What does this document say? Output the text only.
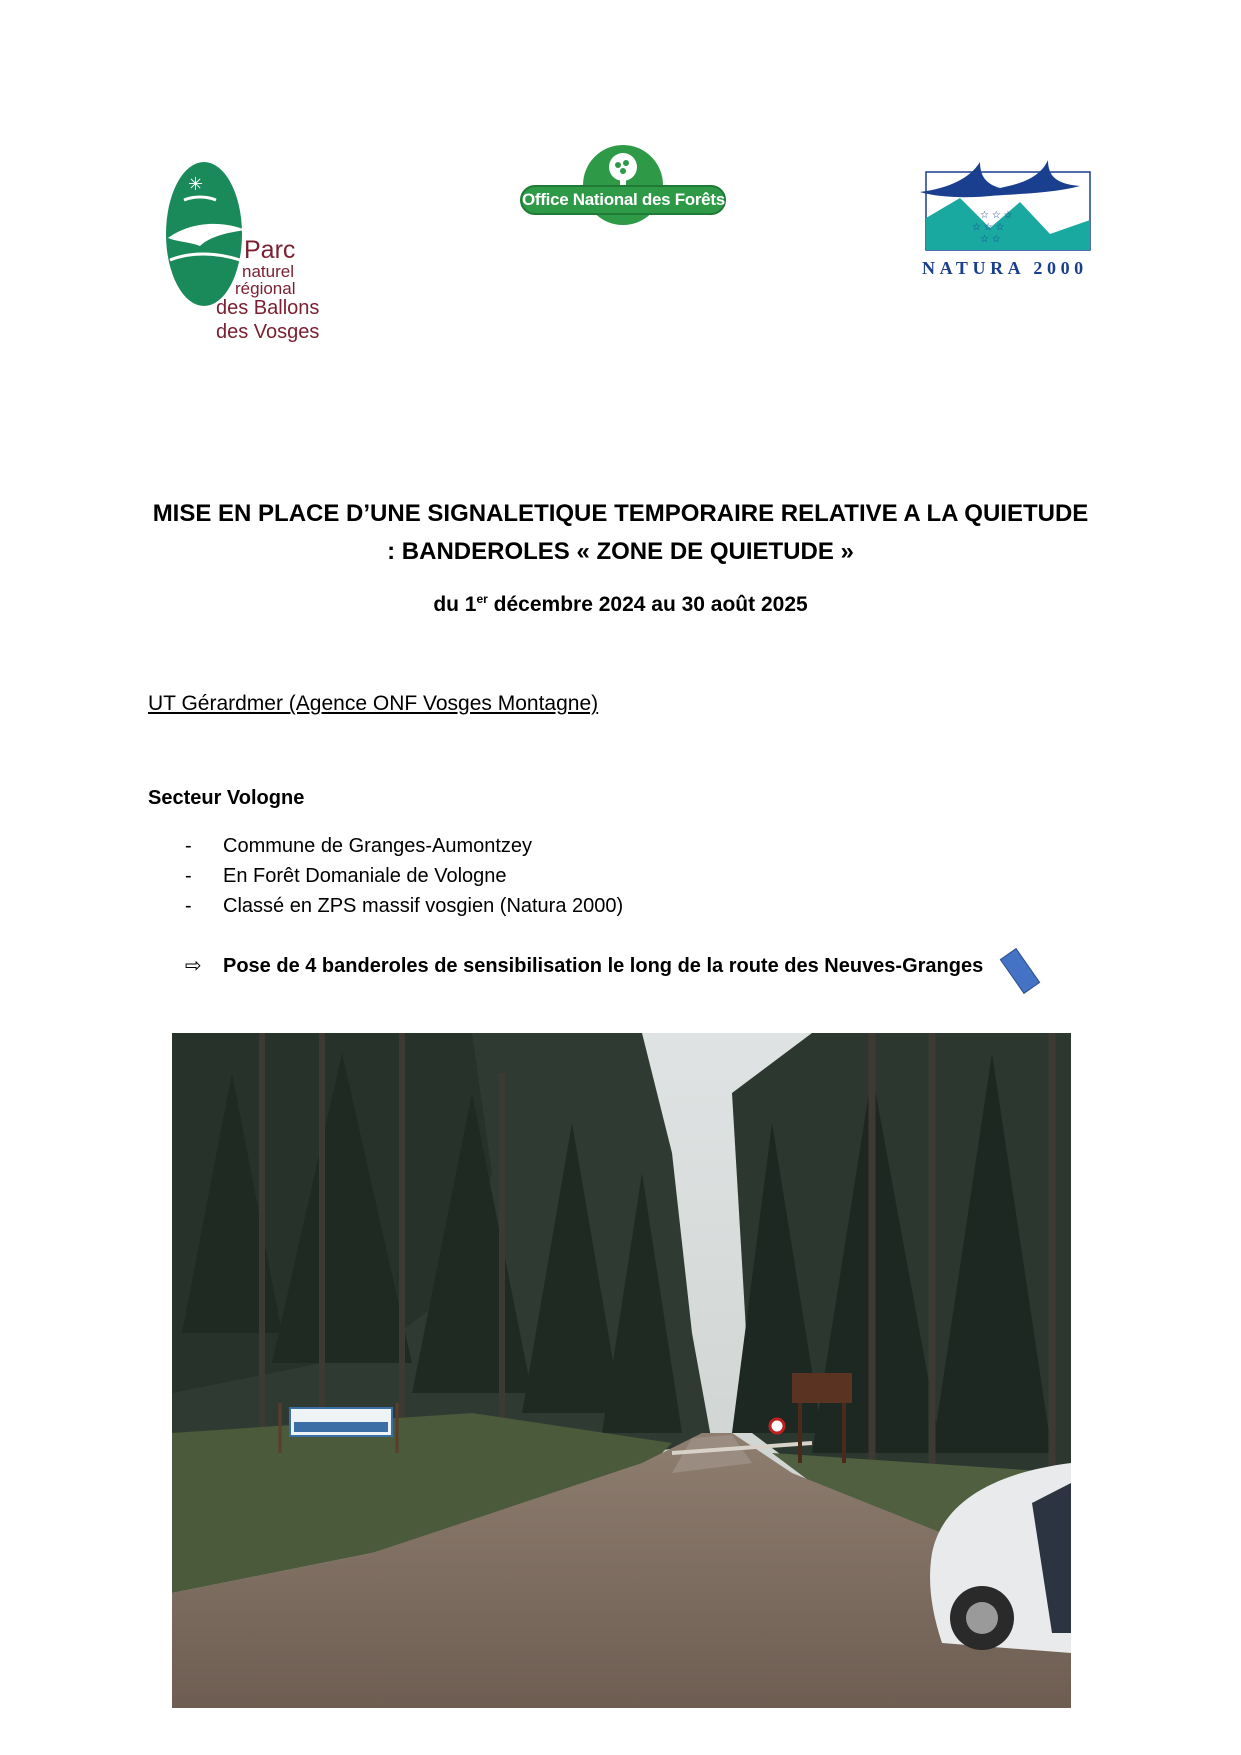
✳
Parc
naturel
régional
des Ballons
des Vosges
Office National des Forêts
☆ ☆ ☆
☆ ☆ ☆
☆ ☆
NATURA 2000
MISE EN PLACE D’UNE SIGNALETIQUE TEMPORAIRE RELATIVE A LA QUIETUDE
: BANDEROLES « ZONE DE QUIETUDE »
du 1er décembre 2024 au 30 août 2025
UT Gérardmer (Agence ONF Vosges Montagne)
Secteur Vologne
- Commune de Granges-Aumontzey
- En Forêt Domaniale de Vologne
- Classé en ZPS massif vosgien (Natura 2000)
⇨ Pose de 4 banderoles de sensibilisation le long de la route des Neuves-Granges
